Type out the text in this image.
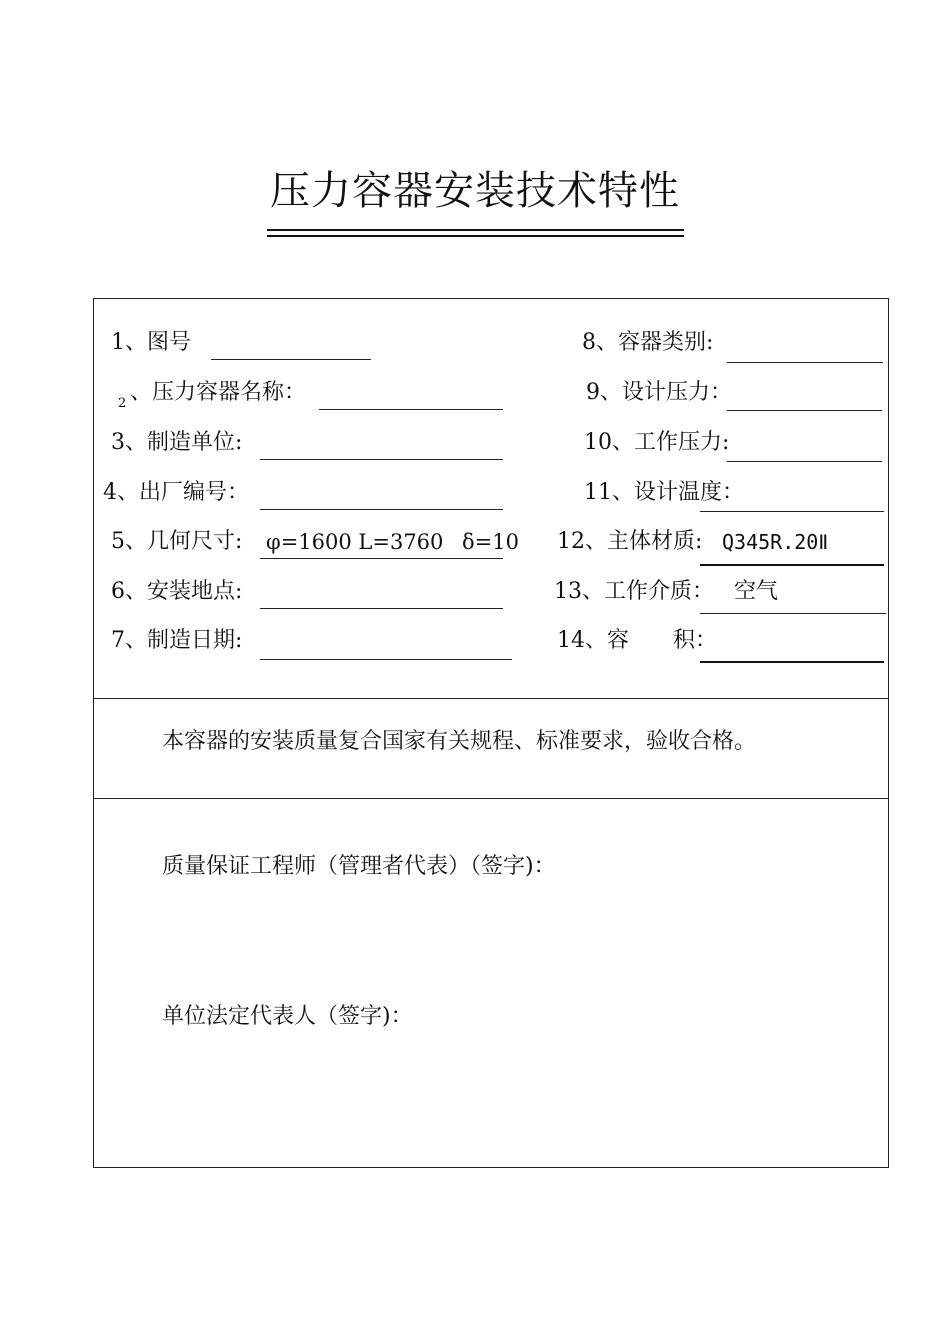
压力容器安装技术特性
1、图号
2 、压力容器名称：
3、制造单位:
4、出厂编号：
5、几何尺寸: φ=1600 L=3760 δ=10
6、安装地点:
7、制造日期:
8、容器类别:
9、设计压力：
10、工作压力:
11、设计温度：
12、主体材质: Q345R.20Ⅱ
13、工作介质： 空气
14、容　　积：
本容器的安装质量复合国家有关规程、标准要求，验收合格。
质量保证工程师（管理者代表）（签字)：
单位法定代表人（签字)：
